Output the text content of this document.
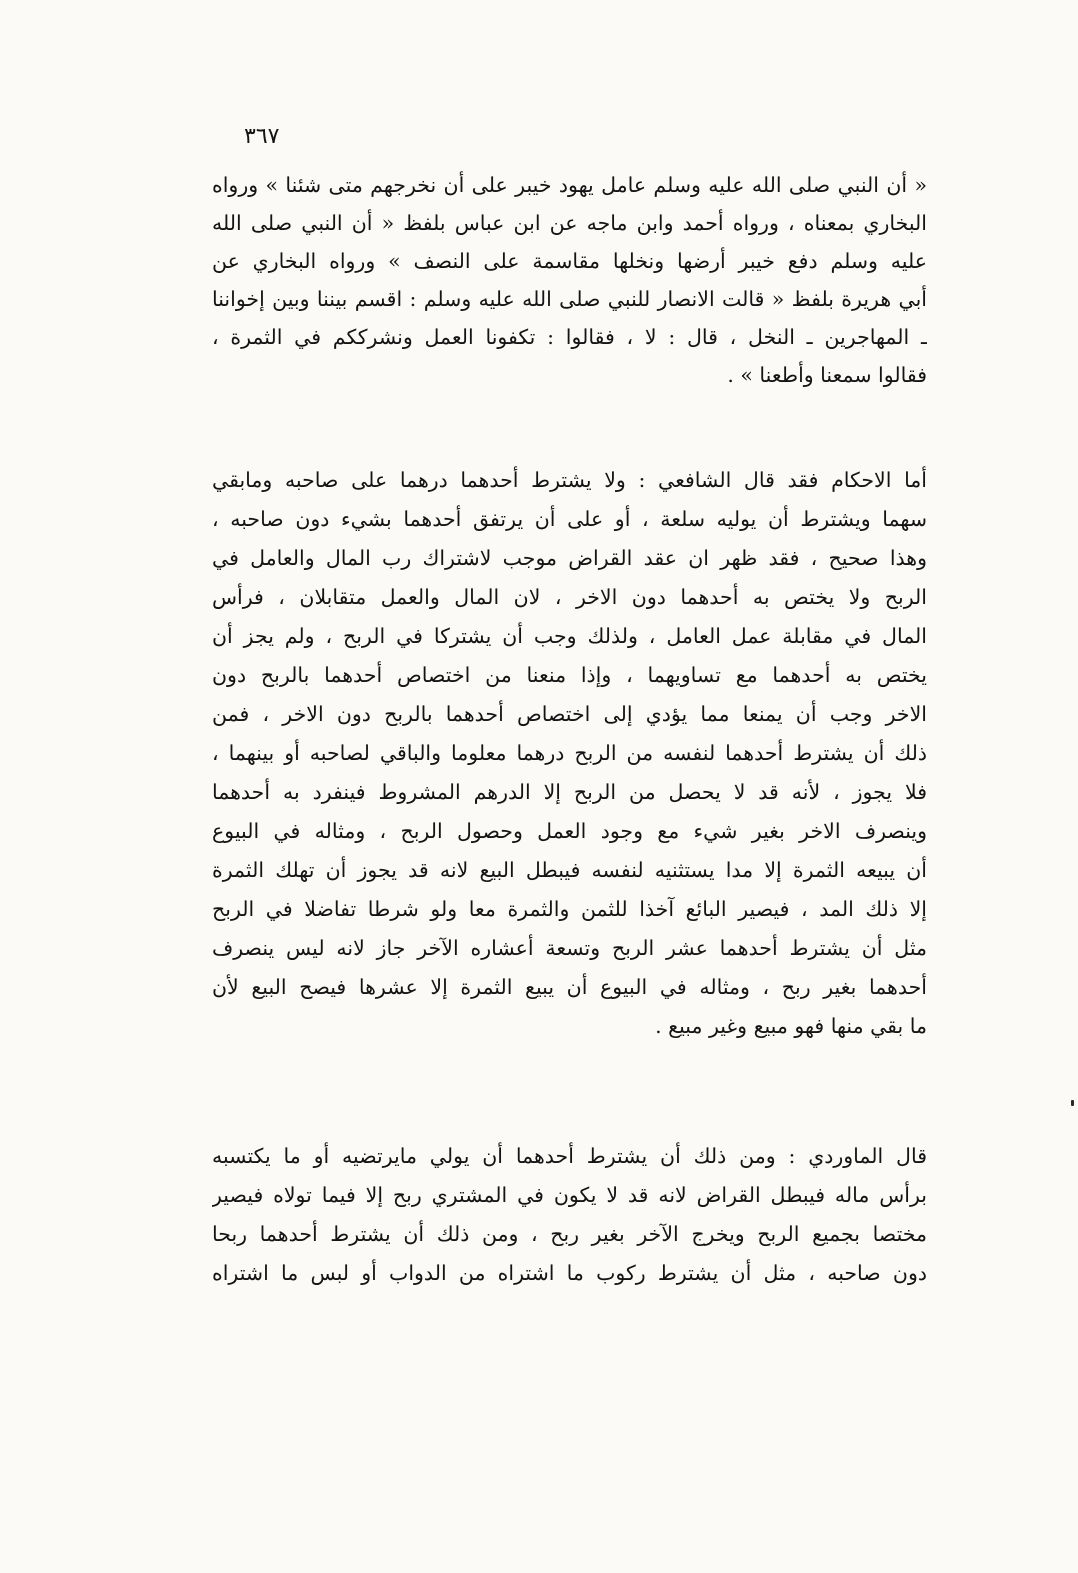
٣٦٧
« أن النبي صلى الله عليه وسلم عامل يهود خيبر على أن نخرجهم متى شئنا » ورواه
البخاري بمعناه ، ورواه أحمد وابن ماجه عن ابن عباس بلفظ « أن النبي صلى الله
عليه وسلم دفع خيبر أرضها ونخلها مقاسمة على النصف » ورواه البخاري عن
أبي هريرة بلفظ « قالت الانصار للنبي صلى الله عليه وسلم : اقسم بيننا وبين إخواننا
ـ المهاجرين ـ النخل ، قال : لا ، فقالوا : تكفونا العمل ونشرككم في الثمرة ،
فقالوا سمعنا وأطعنا » .
أما الاحكام فقد قال الشافعي : ولا يشترط أحدهما درهما على صاحبه ومابقي
سهما ويشترط أن يوليه سلعة ، أو على أن يرتفق أحدهما بشيء دون صاحبه ،
وهذا صحيح ، فقد ظهر ان عقد القراض موجب لاشتراك رب المال والعامل في
الربح ولا يختص به أحدهما دون الاخر ، لان المال والعمل متقابلان ، فرأس
المال في مقابلة عمل العامل ، ولذلك وجب أن يشتركا في الربح ، ولم يجز أن
يختص به أحدهما مع تساويهما ، وإذا منعنا من اختصاص أحدهما بالربح دون
الاخر وجب أن يمنعا مما يؤدي إلى اختصاص أحدهما بالربح دون الاخر ، فمن
ذلك أن يشترط أحدهما لنفسه من الربح درهما معلوما والباقي لصاحبه أو بينهما ،
فلا يجوز ، لأنه قد لا يحصل من الربح إلا الدرهم المشروط فينفرد به أحدهما
وينصرف الاخر بغير شيء مع وجود العمل وحصول الربح ، ومثاله في البيوع
أن يبيعه الثمرة إلا مدا يستثنيه لنفسه فيبطل البيع لانه قد يجوز أن تهلك الثمرة
إلا ذلك المد ، فيصير البائع آخذا للثمن والثمرة معا ولو شرطا تفاضلا في الربح
مثل أن يشترط أحدهما عشر الربح وتسعة أعشاره الآخر جاز لانه ليس ينصرف
أحدهما بغير ربح ، ومثاله في البيوع أن يبيع الثمرة إلا عشرها فيصح البيع لأن
ما بقي منها فهو مبيع وغير مبيع .
قال الماوردي : ومن ذلك أن يشترط أحدهما أن يولي مايرتضيه أو ما يكتسبه
برأس ماله فيبطل القراض لانه قد لا يكون في المشتري ربح إلا فيما تولاه فيصير
مختصا بجميع الربح ويخرج الآخر بغير ربح ، ومن ذلك أن يشترط أحدهما ربحا
دون صاحبه ، مثل أن يشترط ركوب ما اشتراه من الدواب أو لبس ما اشتراه
